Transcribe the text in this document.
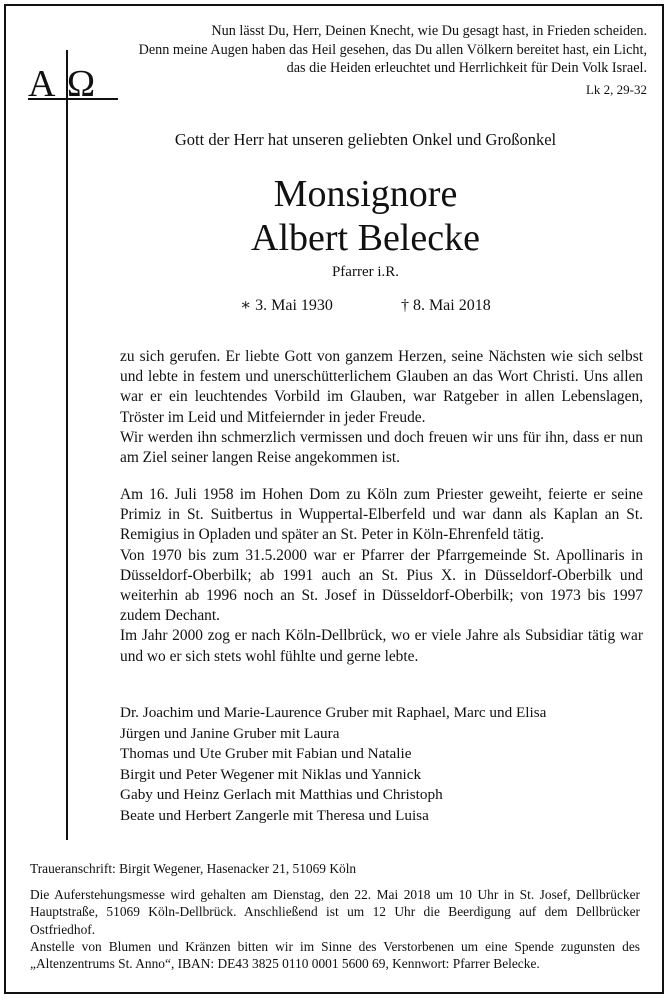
Nun lässt Du, Herr, Deinen Knecht, wie Du gesagt hast, in Frieden scheiden.
Denn meine Augen haben das Heil gesehen, das Du allen Völkern bereitet hast, ein Licht,
das die Heiden erleuchtet und Herrlichkeit für Dein Volk Israel.
Lk 2, 29-32
A Ω
Gott der Herr hat unseren geliebten Onkel und Großonkel
Monsignore
Albert Belecke
Pfarrer i.R.
∗ 3. Mai 1930	† 8. Mai 2018

zu sich gerufen. Er liebte Gott von ganzem Herzen, seine Nächsten wie sich selbst und lebte in festem und unerschütterlichem Glauben an das Wort Christi. Uns allen war er ein leuchtendes Vorbild im Glauben, war Ratgeber in allen Lebenslagen, Tröster im Leid und Mitfeiernder in jeder Freude.

Wir werden ihn schmerzlich vermissen und doch freuen wir uns für ihn, dass er nun am Ziel seiner langen Reise angekommen ist.

Am 16. Juli 1958 im Hohen Dom zu Köln zum Priester geweiht, feierte er seine Primiz in St. Suitbertus in Wuppertal-Elberfeld und war dann als Kaplan an St. Remigius in Opladen und später an St. Peter in Köln-Ehrenfeld tätig.

Von 1970 bis zum 31.5.2000 war er Pfarrer der Pfarrgemeinde St. Apollinaris in Düsseldorf-Oberbilk; ab 1991 auch an St. Pius X. in Düsseldorf-Oberbilk und weiterhin ab 1996 noch an St. Josef in Düsseldorf-Oberbilk; von 1973 bis 1997 zudem Dechant.

Im Jahr 2000 zog er nach Köln-Dellbrück, wo er viele Jahre als Subsidiar tätig war und wo er sich stets wohl fühlte und gerne lebte.

Dr. Joachim und Marie-Laurence Gruber mit Raphael, Marc und Elisa
Jürgen und Janine Gruber mit Laura
Thomas und Ute Gruber mit Fabian und Natalie
Birgit und Peter Wegener mit Niklas und Yannick
Gaby und Heinz Gerlach mit Matthias und Christoph
Beate und Herbert Zangerle mit Theresa und Luisa
Traueranschrift: Birgit Wegener, Hasenacker 21, 51069 Köln
Die Auferstehungsmesse wird gehalten am Dienstag, den 22. Mai 2018 um 10 Uhr in St. Josef, Dellbrücker Hauptstraße, 51069 Köln-Dellbrück. Anschließend ist um 12 Uhr die Beerdigung auf dem Dellbrücker Ostfriedhof.
Anstelle von Blumen und Kränzen bitten wir im Sinne des Verstorbenen um eine Spende zugunsten des „Altenzentrums St. Anno“, IBAN: DE43 3825 0110 0001 5600 69, Kennwort: Pfarrer Belecke.
